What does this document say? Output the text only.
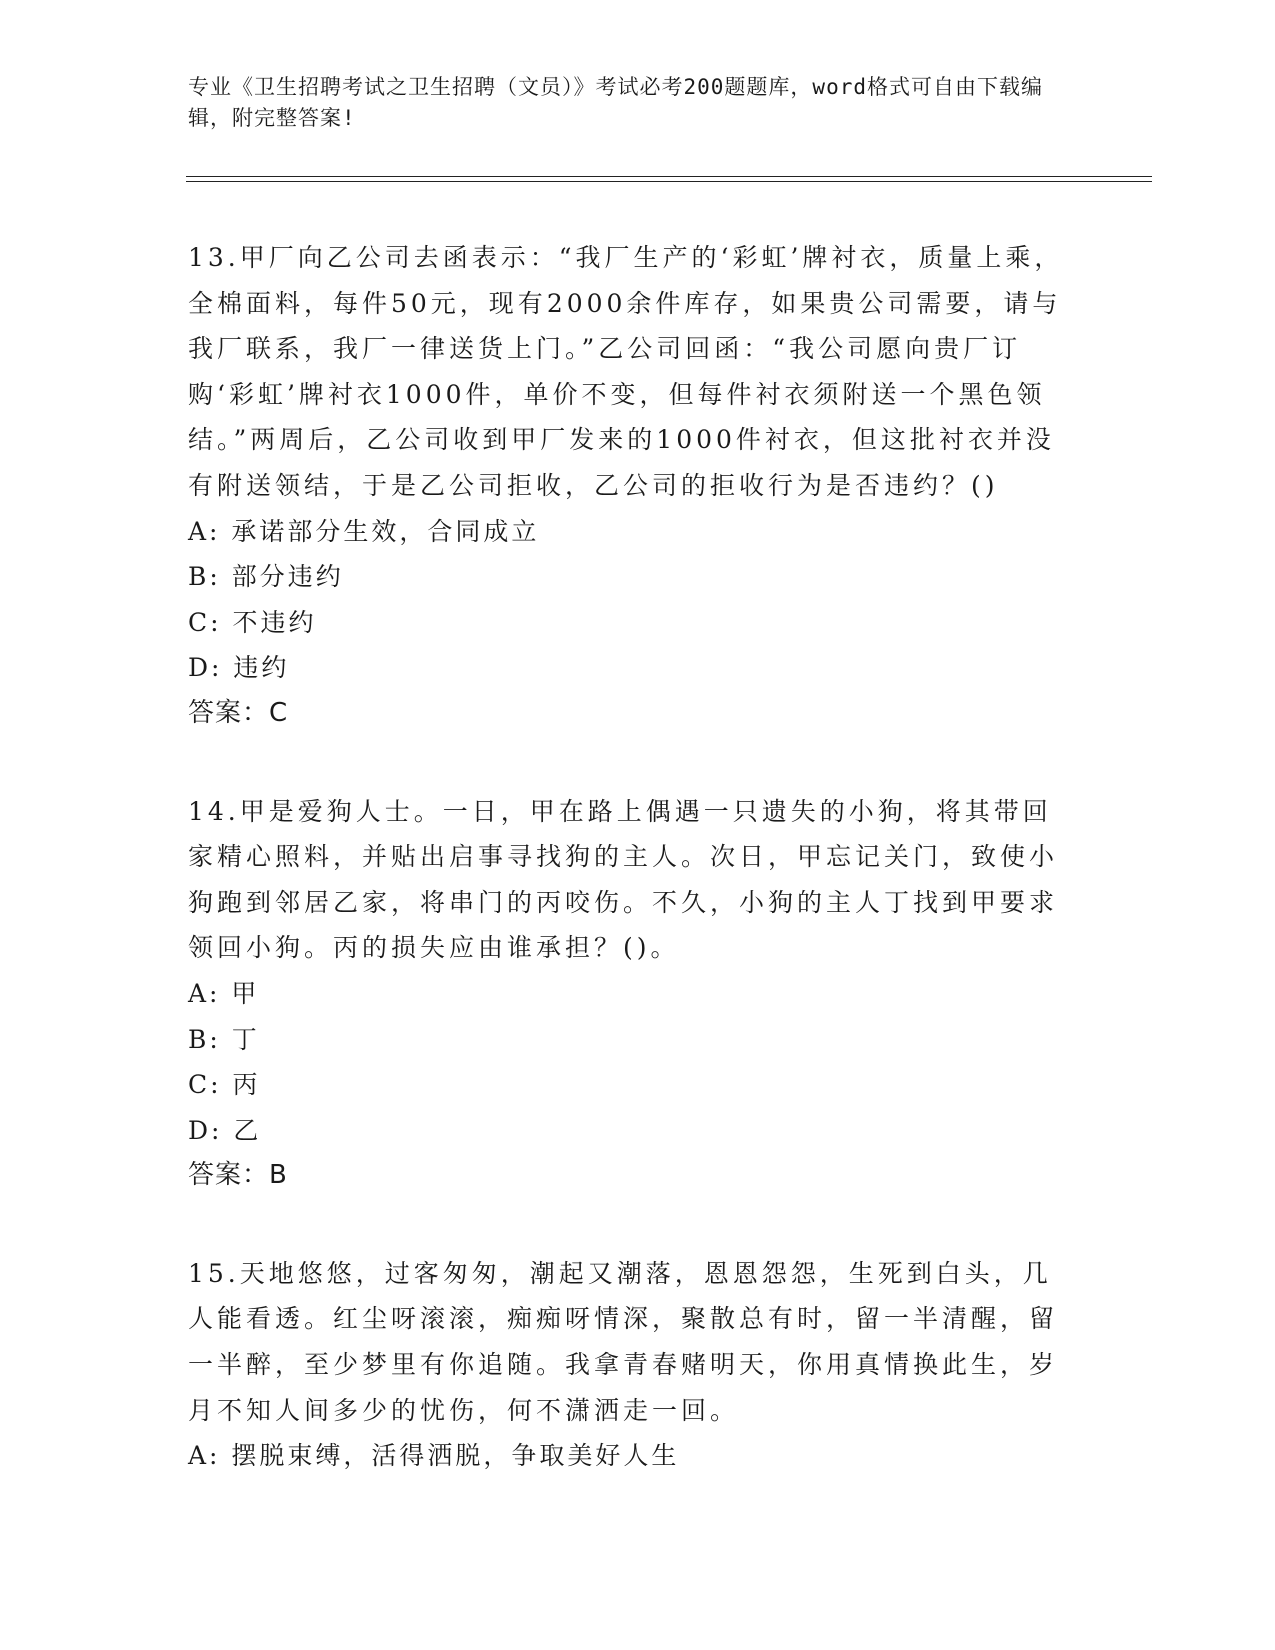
专业《卫生招聘考试之卫生招聘（文员）》考试必考200题题库，word格式可自由下载编辑，附完整答案!

13.甲厂向乙公司去函表示：“我厂生产的‘彩虹’牌衬衣，质量上乘，全棉面料，每件50元，现有2000余件库存，如果贵公司需要，请与我厂联系，我厂一律送货上门。”乙公司回函：“我公司愿向贵厂订购‘彩虹’牌衬衣1000件，单价不变，但每件衬衣须附送一个黑色领结。”两周后，乙公司收到甲厂发来的1000件衬衣，但这批衬衣并没有附送领结，于是乙公司拒收，乙公司的拒收行为是否违约？()

A: 承诺部分生效，合同成立

B: 部分违约

C: 不违约

D: 违约

答案：C

14.甲是爱狗人士。一日，甲在路上偶遇一只遗失的小狗，将其带回家精心照料，并贴出启事寻找狗的主人。次日，甲忘记关门，致使小狗跑到邻居乙家，将串门的丙咬伤。不久，小狗的主人丁找到甲要求领回小狗。丙的损失应由谁承担？()。

A: 甲

B: 丁

C: 丙

D: 乙

答案：B

15.天地悠悠，过客匆匆，潮起又潮落，恩恩怨怨，生死到白头，几人能看透。红尘呀滚滚，痴痴呀情深，聚散总有时，留一半清醒，留一半醉，至少梦里有你追随。我拿青春赌明天，你用真情换此生，岁月不知人间多少的忧伤，何不潇洒走一回。

A: 摆脱束缚，活得洒脱，争取美好人生
